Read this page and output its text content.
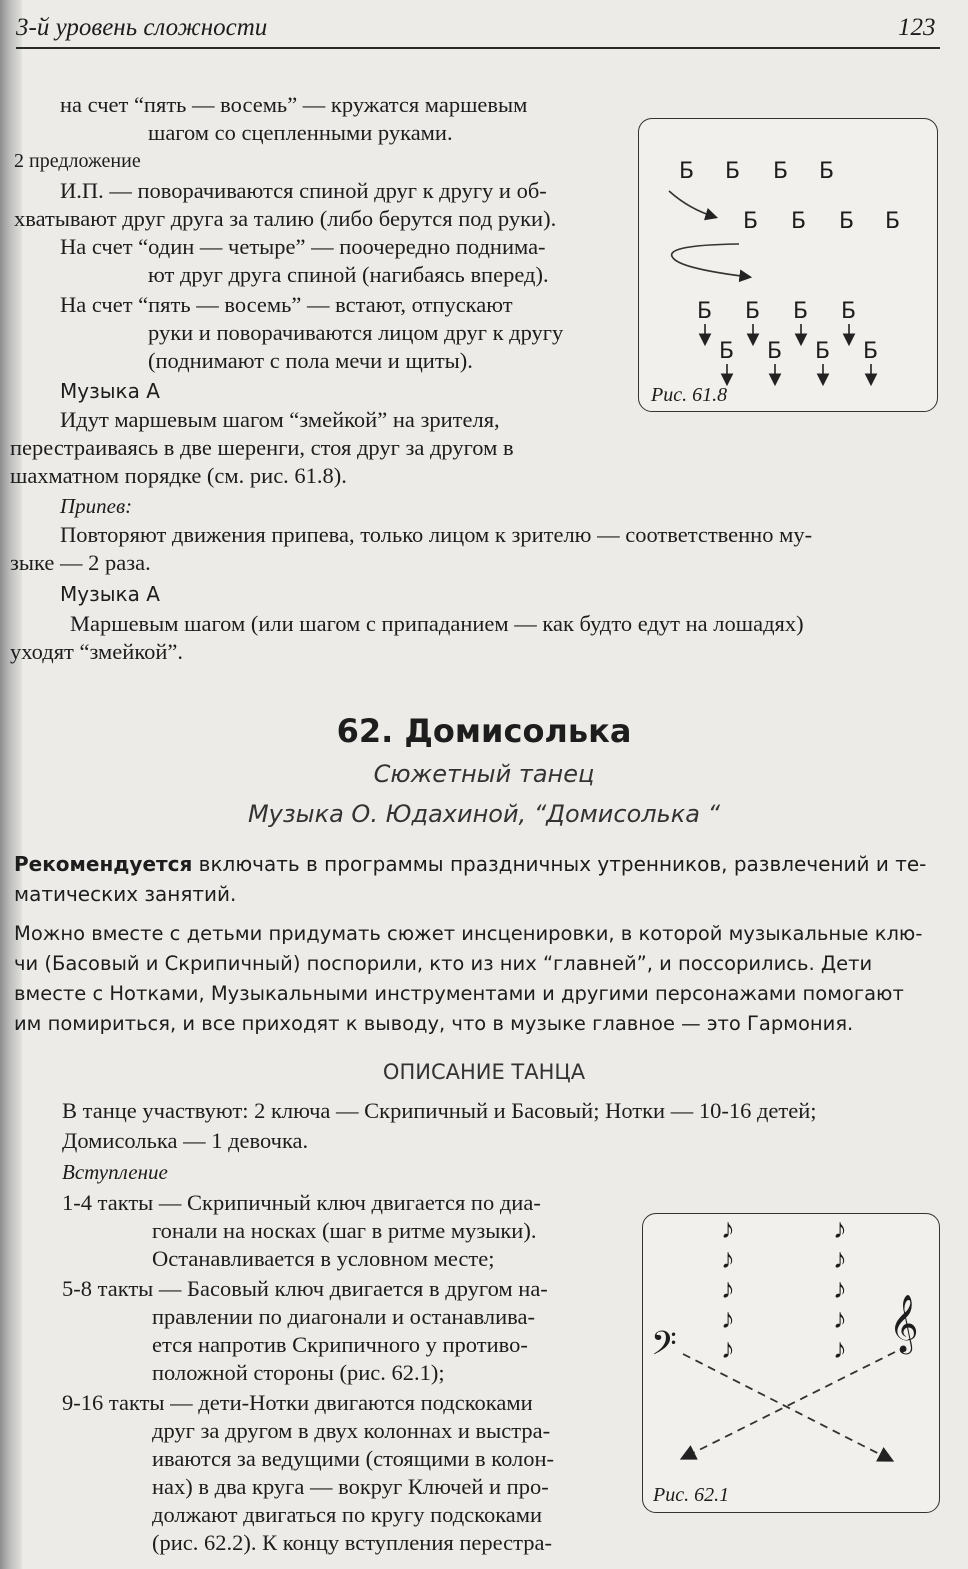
3-й уровень сложности	123
на счет “пять — восемь” — кружатся маршевым
шагом со сцепленными руками.
2 предложение
И.П. — поворачиваются спиной друг к другу и об-
хватывают друг друга за талию (либо берутся под руки).
На счет “один — четыре” — поочередно поднима-
ют друг друга спиной (нагибаясь вперед).
На счет “пять — восемь” — встают, отпускают
руки и поворачиваются лицом друг к другу
(поднимают с пола мечи и щиты).
Музыка А
Идут маршевым шагом “змейкой” на зрителя,
перестраиваясь в две шеренги, стоя друг за другом в
шахматном порядке (см. рис. 61.8).
Припев:
Повторяют движения припева, только лицом к зрителю — соответственно му-
зыке — 2 раза.
Музыка А
Маршевым шагом (или шагом с припаданием — как будто едут на лошадях)
уходят “змейкой”.
Б Б Б Б
Б Б Б Б
Б Б Б Б
Б Б Б Б
Рис. 61.8
62. Домисолька
Сюжетный танец
Музыка О. Юдахиной, “Домисолька “
Рекомендуется включать в программы праздничных утренников, развлечений и те-
матических занятий.
Можно вместе с детьми придумать сюжет инсценировки, в которой музыкальные клю-
чи (Басовый и Скрипичный) поспорили, кто из них “главней”, и поссорились. Дети
вместе с Нотками, Музыкальными инструментами и другими персонажами помогают
им помириться, и все приходят к выводу, что в музыке главное — это Гармония.
ОПИСАНИЕ ТАНЦА
В танце участвуют: 2 ключа — Скрипичный и Басовый; Нотки — 10-16 детей;
Домисолька — 1 девочка.
Вступление
1-4 такты — Скрипичный ключ двигается по диа-
гонали на носках (шаг в ритме музыки).
Останавливается в условном месте;
5-8 такты — Басовый ключ двигается в другом на-
правлении по диагонали и останавлива-
ется напротив Скрипичного у противо-
положной стороны (рис. 62.1);
9-16 такты — дети-Нотки двигаются подскоками
друг за другом в двух колоннах и выстра-
иваются за ведущими (стоящими в колон-
нах) в два круга — вокруг Ключей и про-
должают двигаться по кругу подскоками
(рис. 62.2). К концу вступления перестра-
♪
♪
♪
♪
♪
♪
♪
♪
♪
♪
𝄢	𝄞
Рис. 62.1
